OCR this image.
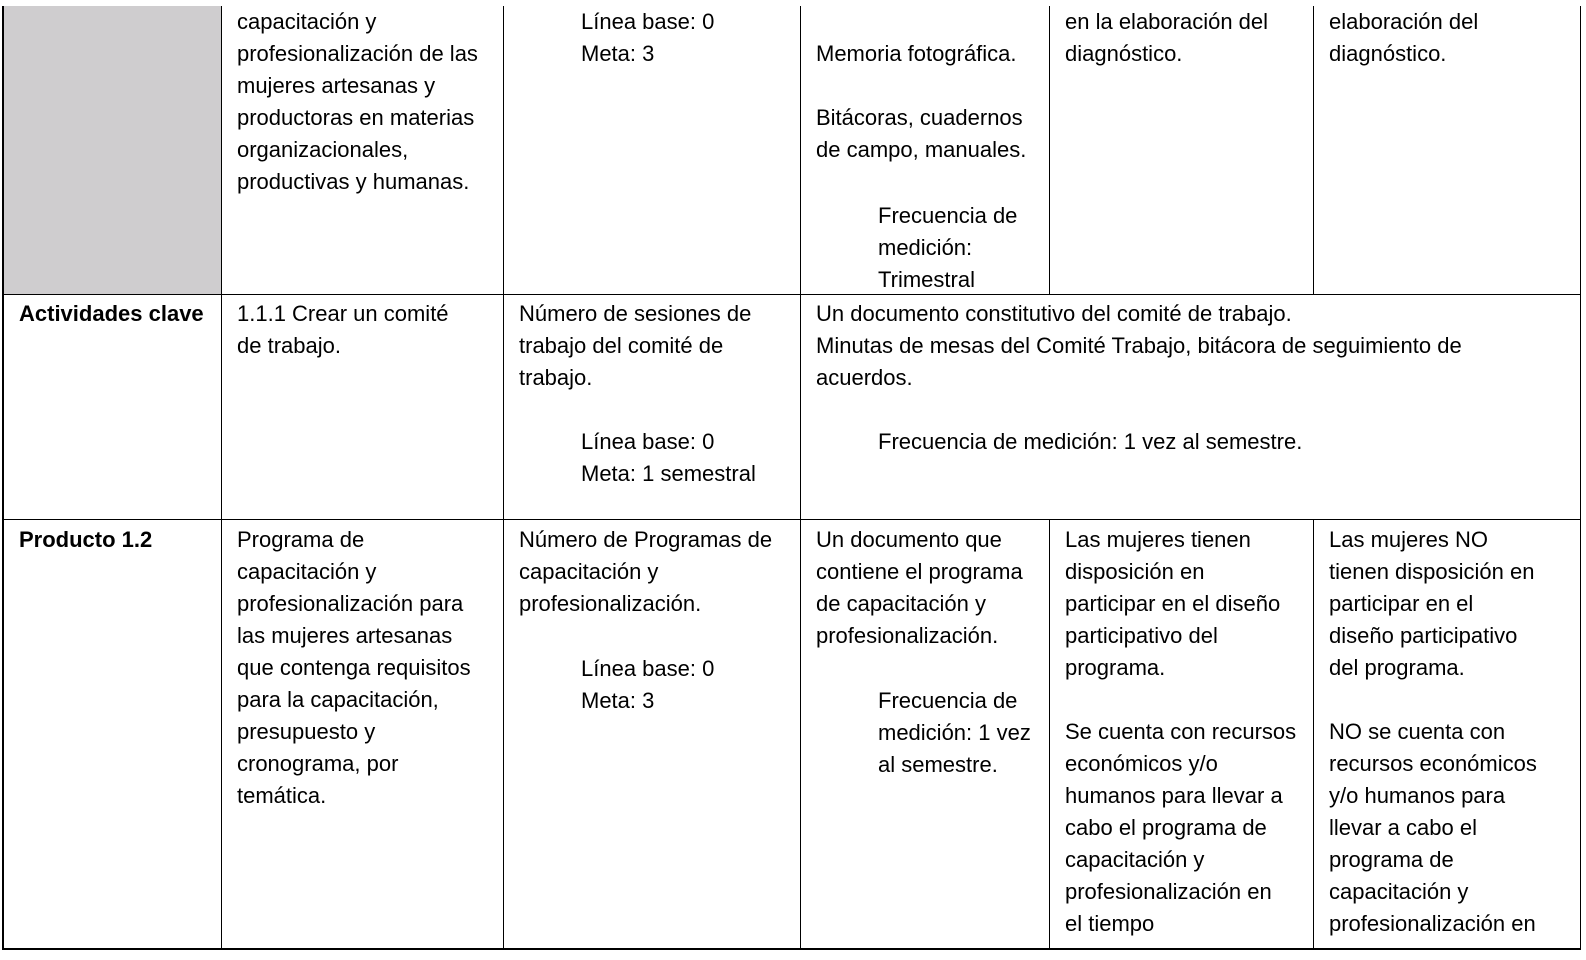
capacitación y
profesionalización de las
mujeres artesanas y
productoras en materias
organizacionales,
productivas y humanas.
Línea base: 0
Meta: 3	Memoria fotográfica.
Bitácoras, cuadernos
de campo, manuales.
Frecuencia de
medición:
Trimestral
en la elaboración del
diagnóstico.
elaboración del
diagnóstico.
Actividades clave 1.1.1 Crear un comité
de trabajo.
Número de sesiones de
trabajo del comité de
trabajo.
Línea base: 0
Meta: 1 semestral
Un documento constitutivo del comité de trabajo.
Minutas de mesas del Comité Trabajo, bitácora de seguimiento de
acuerdos.
Frecuencia de medición: 1 vez al semestre.
Producto 1.2	Programa de
capacitación y
profesionalización para
las mujeres artesanas
que contenga requisitos
para la capacitación,
presupuesto y
cronograma, por
temática.
Número de Programas de
capacitación y
profesionalización.
Línea base: 0
Meta: 3
Un documento que
contiene el programa
de capacitación y
profesionalización.
Frecuencia de
medición: 1 vez
al semestre.
Las mujeres tienen
disposición en
participar en el diseño
participativo del
programa.
Se cuenta con recursos
económicos y/o
humanos para llevar a
cabo el programa de
capacitación y
profesionalización en
el tiempo
Las mujeres NO
tienen disposición en
participar en el
diseño participativo
del programa.
NO se cuenta con
recursos económicos
y/o humanos para
llevar a cabo el
programa de
capacitación y
profesionalización en
